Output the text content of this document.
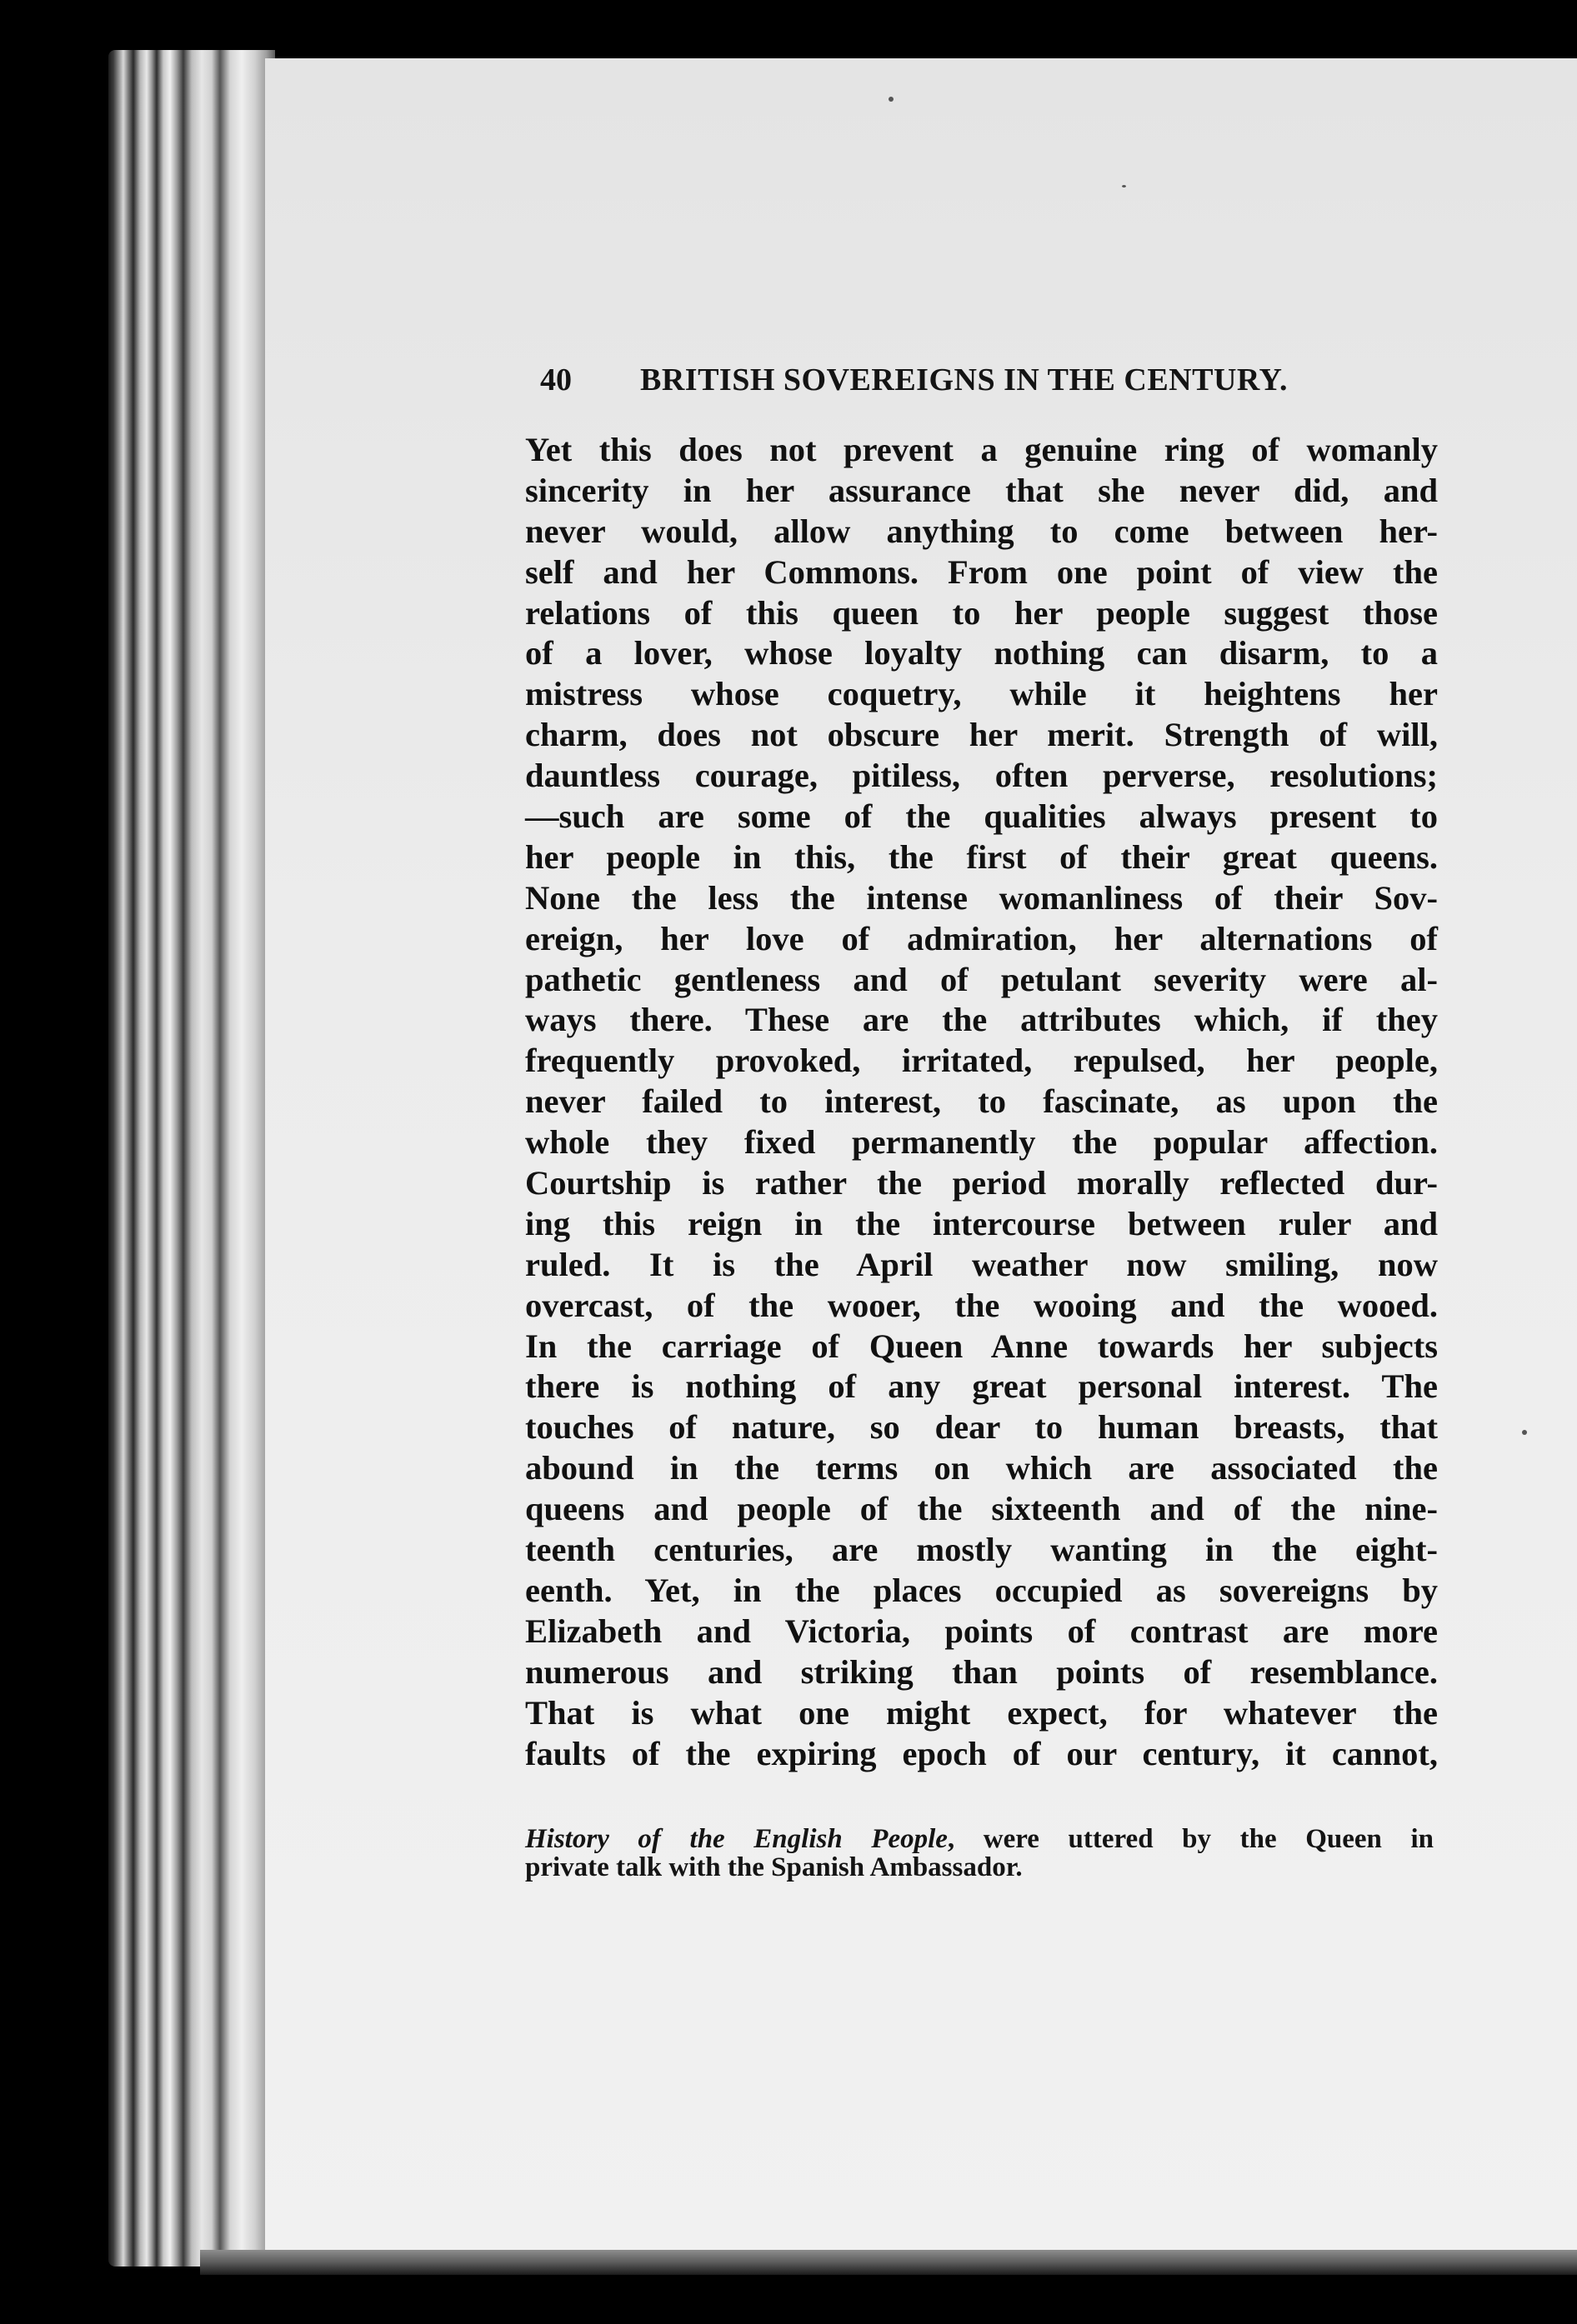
40 BRITISH SOVEREIGNS IN THE CENTURY.
Yet this does not prevent a genuine ring of womanly
sincerity in her assurance that she never did, and
never would, allow anything to come between her-
self and her Commons. From one point of view the
relations of this queen to her people suggest those
of a lover, whose loyalty nothing can disarm, to a
mistress whose coquetry, while it heightens her
charm, does not obscure her merit. Strength of will,
dauntless courage, pitiless, often perverse, resolutions;
—such are some of the qualities always present to
her people in this, the first of their great queens.
None the less the intense womanliness of their Sov-
ereign, her love of admiration, her alternations of
pathetic gentleness and of petulant severity were al-
ways there. These are the attributes which, if they
frequently provoked, irritated, repulsed, her people,
never failed to interest, to fascinate, as upon the
whole they fixed permanently the popular affection.
Courtship is rather the period morally reflected dur-
ing this reign in the intercourse between ruler and
ruled. It is the April weather now smiling, now
overcast, of the wooer, the wooing and the wooed.
In the carriage of Queen Anne towards her subjects
there is nothing of any great personal interest. The
touches of nature, so dear to human breasts, that
abound in the terms on which are associated the
queens and people of the sixteenth and of the nine-
teenth centuries, are mostly wanting in the eight-
eenth. Yet, in the places occupied as sovereigns by
Elizabeth and Victoria, points of contrast are more
numerous and striking than points of resemblance.
That is what one might expect, for whatever the
faults of the expiring epoch of our century, it cannot,
History of the English People, were uttered by the Queen in
private talk with the Spanish Ambassador.
